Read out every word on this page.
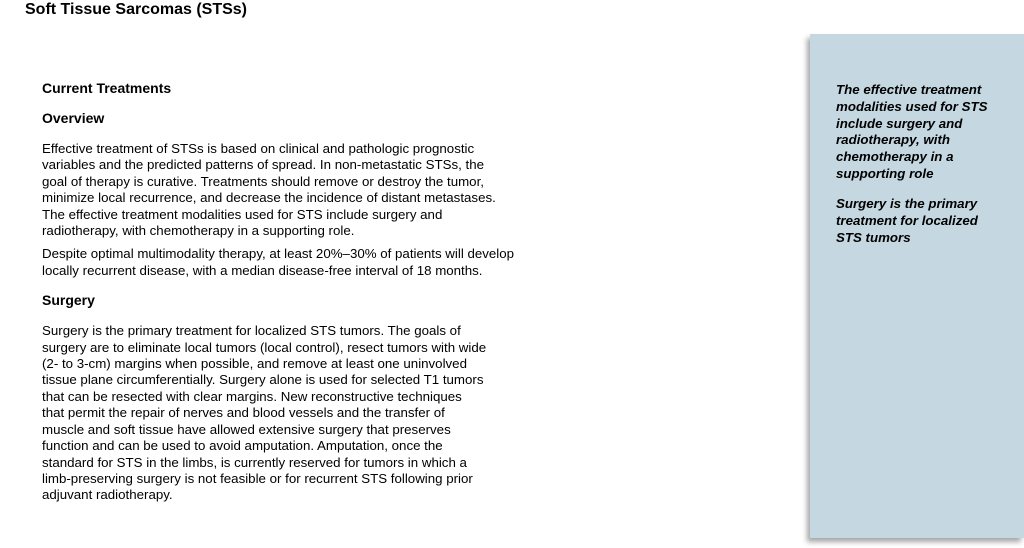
Soft Tissue Sarcomas (STSs)
Current Treatments
Overview

Effective treatment of STSs is based on clinical and pathologic prognostic
variables and the predicted patterns of spread. In non-metastatic STSs, the
goal of therapy is curative. Treatments should remove or destroy the tumor,
minimize local recurrence, and decrease the incidence of distant metastases.
The effective treatment modalities used for STS include surgery and
radiotherapy, with chemotherapy in a supporting role.

Despite optimal multimodality therapy, at least 20%–30% of patients will develop
locally recurrent disease, with a median disease-free interval of 18 months.

Surgery

Surgery is the primary treatment for localized STS tumors. The goals of
surgery are to eliminate local tumors (local control), resect tumors with wide
(2- to 3-cm) margins when possible, and remove at least one uninvolved
tissue plane circumferentially. Surgery alone is used for selected T1 tumors
that can be resected with clear margins. New reconstructive techniques
that permit the repair of nerves and blood vessels and the transfer of
muscle and soft tissue have allowed extensive surgery that preserves
function and can be used to avoid amputation. Amputation, once the
standard for STS in the limbs, is currently reserved for tumors in which a
limb-preserving surgery is not feasible or for recurrent STS following prior
adjuvant radiotherapy.

The effective treatment
modalities used for STS
include surgery and
radiotherapy, with
chemotherapy in a
supporting role

Surgery is the primary
treatment for localized
STS tumors
